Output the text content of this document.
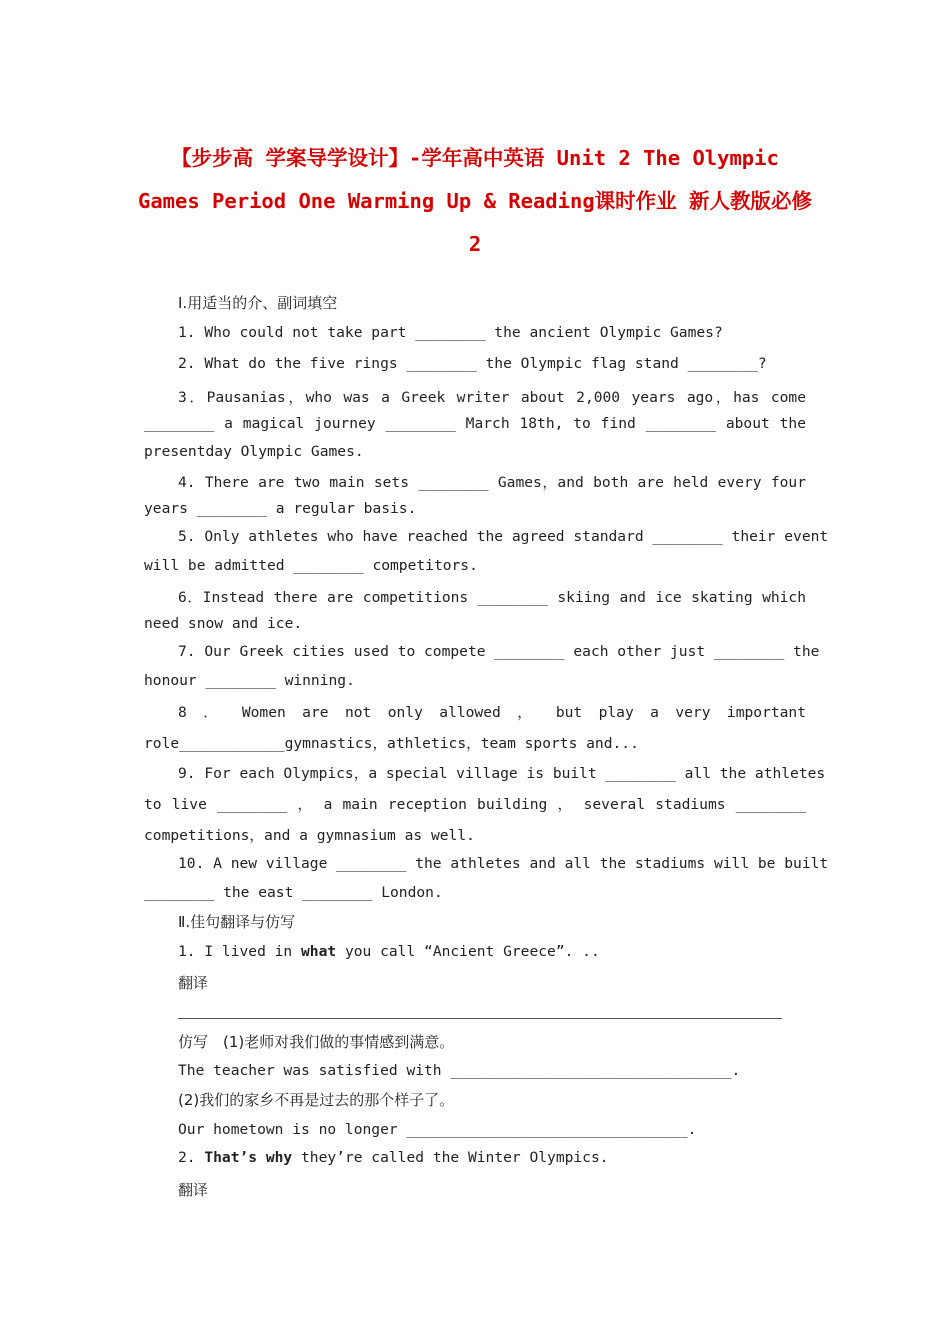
【步步高 学案导学设计】-学年高中英语 Unit 2 The Olympic
Games Period One Warming Up & Reading课时作业 新人教版必修
2
Ⅰ.用适当的介、副词填空
1. Who could not take part ________ the ancient Olympic Games?
2. What do the five rings ________ the Olympic flag stand ________?
3．Pausanias，who was a Greek writer about 2,000 years ago，has come
________ a magical journey ________ March 18th, to find ________ about the
presentday Olympic Games.
4. There are two main sets ________ Games，and both are held every four
years ________ a regular basis.
5. Only athletes who have reached the agreed standard ________ their event
will be admitted ________ competitors.
6．Instead there are competitions ________ skiing and ice skating which
need snow and ice.
7. Our Greek cities used to compete ________ each other just ________ the
honour ________ winning.
8 ． Women are not only allowed ， but play a very important
role____________gymnastics，athletics，team sports and...
9. For each Olympics，a special village is built ________ all the athletes
to live ________ ， a main reception building ， several stadiums ________
competitions，and a gymnasium as well.
10. A new village ________ the athletes and all the stadiums will be built
________ the east ________ London.
Ⅱ.佳句翻译与仿写
1. I lived in what you call “Ancient Greece”. ..
翻译
仿写　(1)老师对我们做的事情感到满意。
The teacher was satisfied with ________________________________.
(2)我们的家乡不再是过去的那个样子了。
Our hometown is no longer ________________________________.
2. That’s why they’re called the Winter Olympics.
翻译
